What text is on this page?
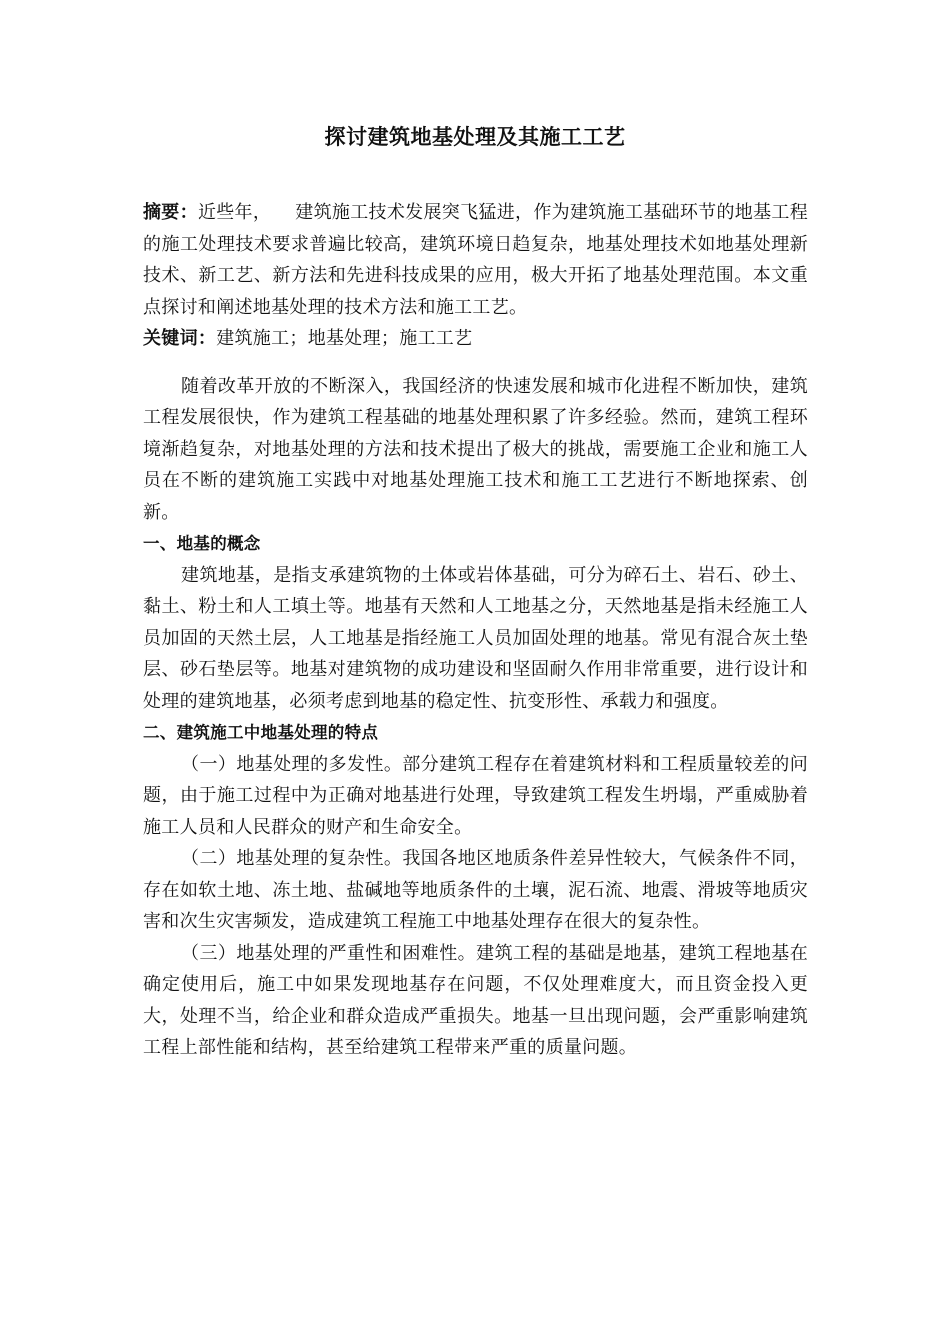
探讨建筑地基处理及其施工工艺

摘要：近些年，    建筑施工技术发展突飞猛进，作为建筑施工基础环节的地基工程的施工处理技术要求普遍比较高，建筑环境日趋复杂，地基处理技术如地基处理新技术、新工艺、新方法和先进科技成果的应用，极大开拓了地基处理范围。本文重点探讨和阐述地基处理的技术方法和施工工艺。

关键词：建筑施工；地基处理；施工工艺

随着改革开放的不断深入，我国经济的快速发展和城市化进程不断加快，建筑工程发展很快，作为建筑工程基础的地基处理积累了许多经验。然而，建筑工程环境渐趋复杂，对地基处理的方法和技术提出了极大的挑战，需要施工企业和施工人员在不断的建筑施工实践中对地基处理施工技术和施工工艺进行不断地探索、创新。

一、地基的概念

建筑地基，是指支承建筑物的土体或岩体基础，可分为碎石土、岩石、砂土、黏土、粉土和人工填土等。地基有天然和人工地基之分，天然地基是指未经施工人员加固的天然土层，人工地基是指经施工人员加固处理的地基。常见有混合灰土垫层、砂石垫层等。地基对建筑物的成功建设和坚固耐久作用非常重要，进行设计和处理的建筑地基，必须考虑到地基的稳定性、抗变形性、承载力和强度。

二、建筑施工中地基处理的特点

（一）地基处理的多发性。部分建筑工程存在着建筑材料和工程质量较差的问题，由于施工过程中为正确对地基进行处理，导致建筑工程发生坍塌，严重威胁着施工人员和人民群众的财产和生命安全。

（二）地基处理的复杂性。我国各地区地质条件差异性较大，气候条件不同，存在如软土地、冻土地、盐碱地等地质条件的土壤，泥石流、地震、滑坡等地质灾害和次生灾害频发，造成建筑工程施工中地基处理存在很大的复杂性。

（三）地基处理的严重性和困难性。建筑工程的基础是地基，建筑工程地基在确定使用后，施工中如果发现地基存在问题，不仅处理难度大，而且资金投入更大，处理不当，给企业和群众造成严重损失。地基一旦出现问题，会严重影响建筑工程上部性能和结构，甚至给建筑工程带来严重的质量问题。
